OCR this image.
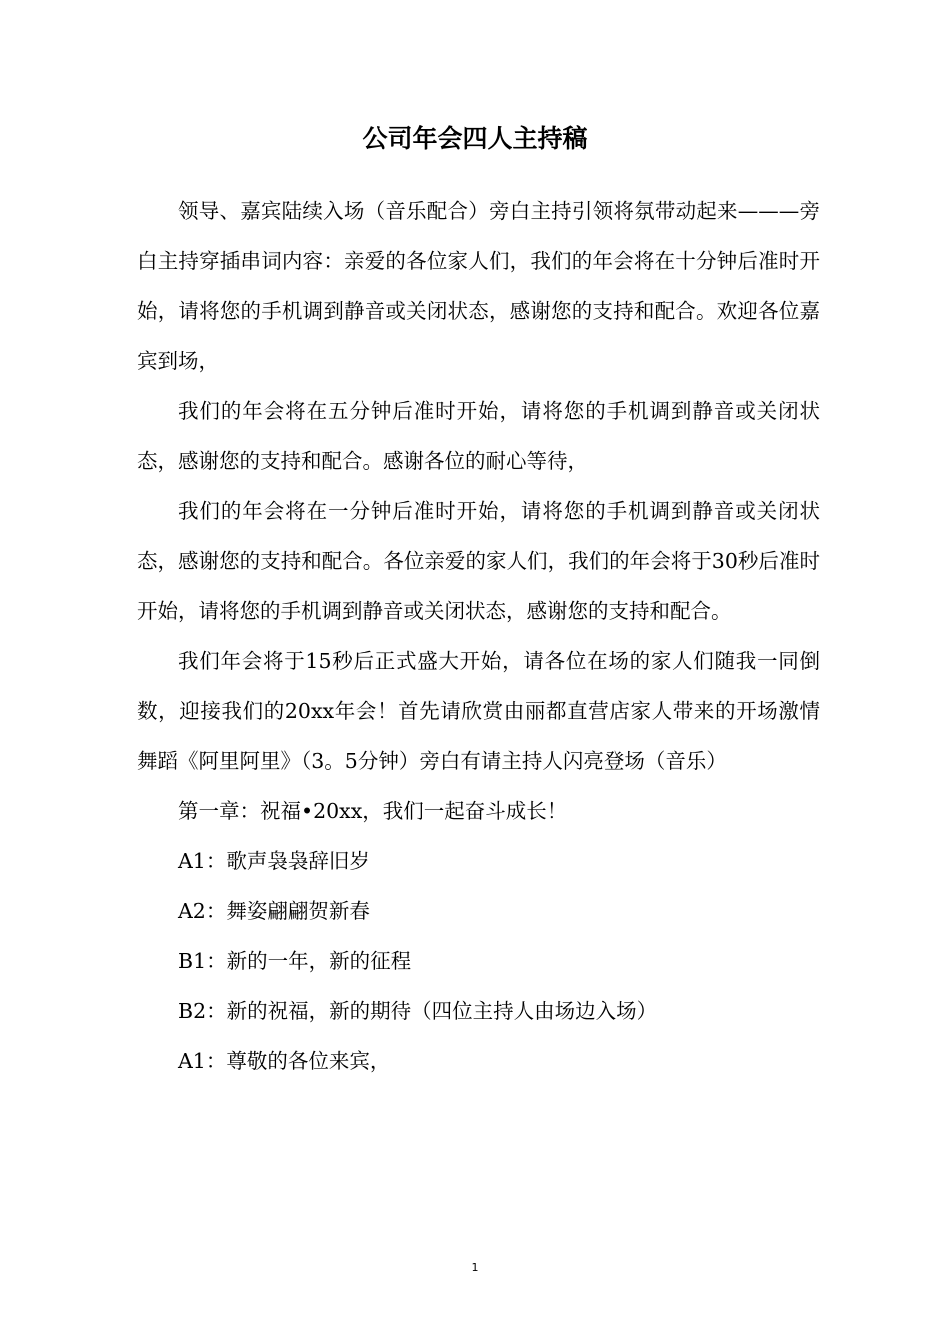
公司年会四人主持稿

领导、嘉宾陆续入场（音乐配合）旁白主持引领将氛带动起来———旁白主持穿插串词内容：亲爱的各位家人们，我们的年会将在十分钟后准时开始，请将您的手机调到静音或关闭状态，感谢您的支持和配合。欢迎各位嘉宾到场，

我们的年会将在五分钟后准时开始，请将您的手机调到静音或关闭状态，感谢您的支持和配合。感谢各位的耐心等待，

我们的年会将在一分钟后准时开始，请将您的手机调到静音或关闭状态，感谢您的支持和配合。各位亲爱的家人们，我们的年会将于30秒后准时开始，请将您的手机调到静音或关闭状态，感谢您的支持和配合。

我们年会将于15秒后正式盛大开始，请各位在场的家人们随我一同倒数，迎接我们的20xx年会！首先请欣赏由丽都直营店家人带来的开场激情舞蹈《阿里阿里》（3。5分钟）旁白有请主持人闪亮登场（音乐）

第一章：祝福•20xx，我们一起奋斗成长！

A1：歌声袅袅辞旧岁

A2：舞姿翩翩贺新春

B1：新的一年，新的征程

B2：新的祝福，新的期待（四位主持人由场边入场）

A1：尊敬的各位来宾，

1
